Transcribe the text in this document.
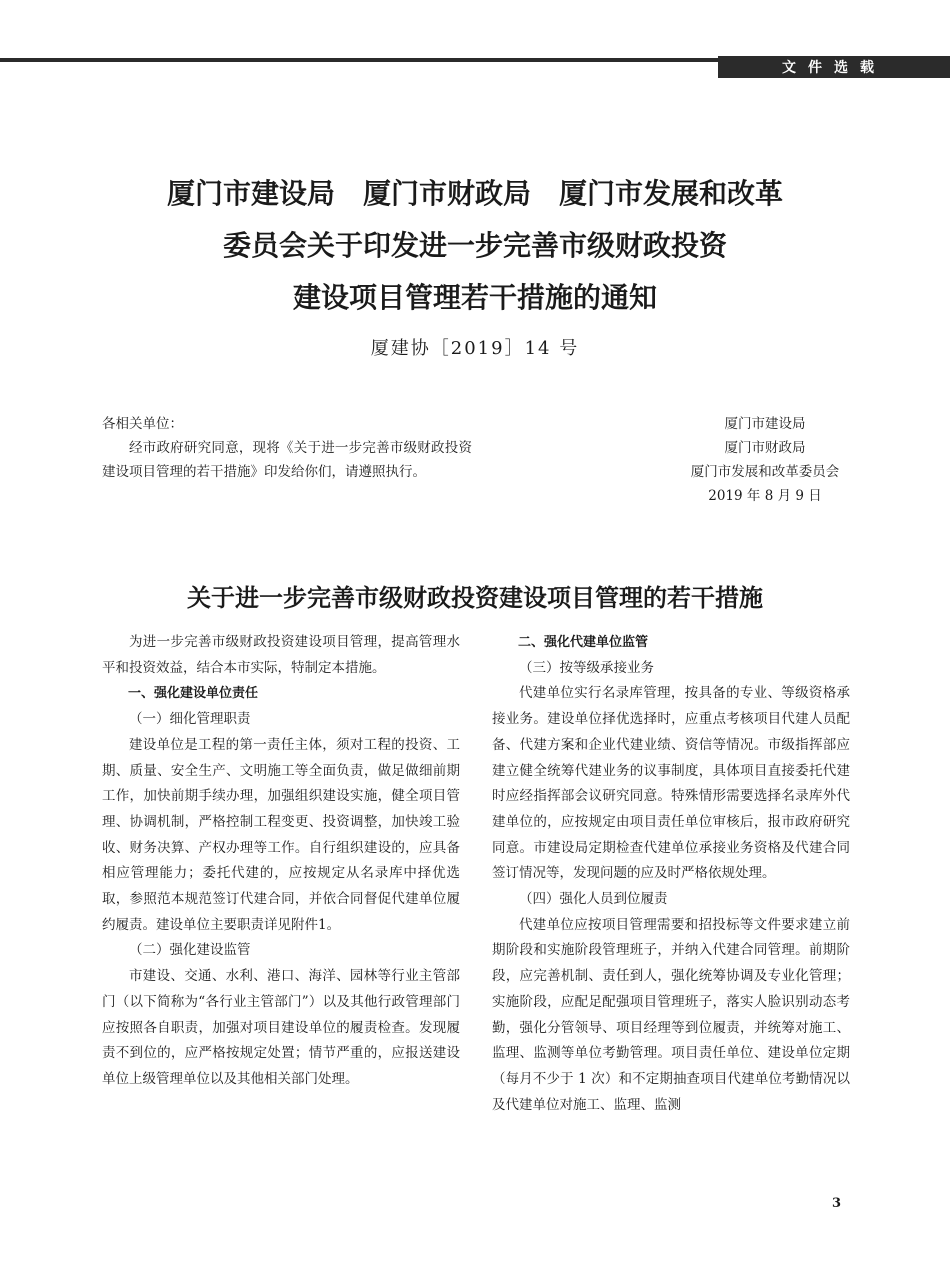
文件选载
厦门市建设局　厦门市财政局　厦门市发展和改革
委员会关于印发进一步完善市级财政投资
建设项目管理若干措施的通知
厦建协［2019］14 号

各相关单位：

经市政府研究同意，现将《关于进一步完善市级财政投资建设项目管理的若干措施》印发给你们，请遵照执行。

厦门市建设局
厦门市财政局
厦门市发展和改革委员会
2019 年 8 月 9 日
关于进一步完善市级财政投资建设项目管理的若干措施

为进一步完善市级财政投资建设项目管理，提高管理水平和投资效益，结合本市实际，特制定本措施。

一、强化建设单位责任

（一）细化管理职责

建设单位是工程的第一责任主体，须对工程的投资、工期、质量、安全生产、文明施工等全面负责，做足做细前期工作，加快前期手续办理，加强组织建设实施，健全项目管理、协调机制，严格控制工程变更、投资调整，加快竣工验收、财务决算、产权办理等工作。自行组织建设的，应具备相应管理能力；委托代建的，应按规定从名录库中择优选取，参照范本规范签订代建合同，并依合同督促代建单位履约履责。建设单位主要职责详见附件1。

（二）强化建设监管

市建设、交通、水利、港口、海洋、园林等行业主管部门（以下简称为“各行业主管部门”）以及其他行政管理部门应按照各自职责，加强对项目建设单位的履责检查。发现履责不到位的，应严格按规定处置；情节严重的，应报送建设单位上级管理单位以及其他相关部门处理。

二、强化代建单位监管

（三）按等级承接业务

代建单位实行名录库管理，按具备的专业、等级资格承接业务。建设单位择优选择时，应重点考核项目代建人员配备、代建方案和企业代建业绩、资信等情况。市级指挥部应建立健全统筹代建业务的议事制度，具体项目直接委托代建时应经指挥部会议研究同意。特殊情形需要选择名录库外代建单位的，应按规定由项目责任单位审核后，报市政府研究同意。市建设局定期检查代建单位承接业务资格及代建合同签订情况等，发现问题的应及时严格依规处理。

（四）强化人员到位履责

代建单位应按项目管理需要和招投标等文件要求建立前期阶段和实施阶段管理班子，并纳入代建合同管理。前期阶段，应完善机制、责任到人，强化统筹协调及专业化管理；实施阶段，应配足配强项目管理班子，落实人脸识别动态考勤，强化分管领导、项目经理等到位履责，并统筹对施工、监理、监测等单位考勤管理。项目责任单位、建设单位定期（每月不少于 1 次）和不定期抽查项目代建单位考勤情况以及代建单位对施工、监理、监测

3
